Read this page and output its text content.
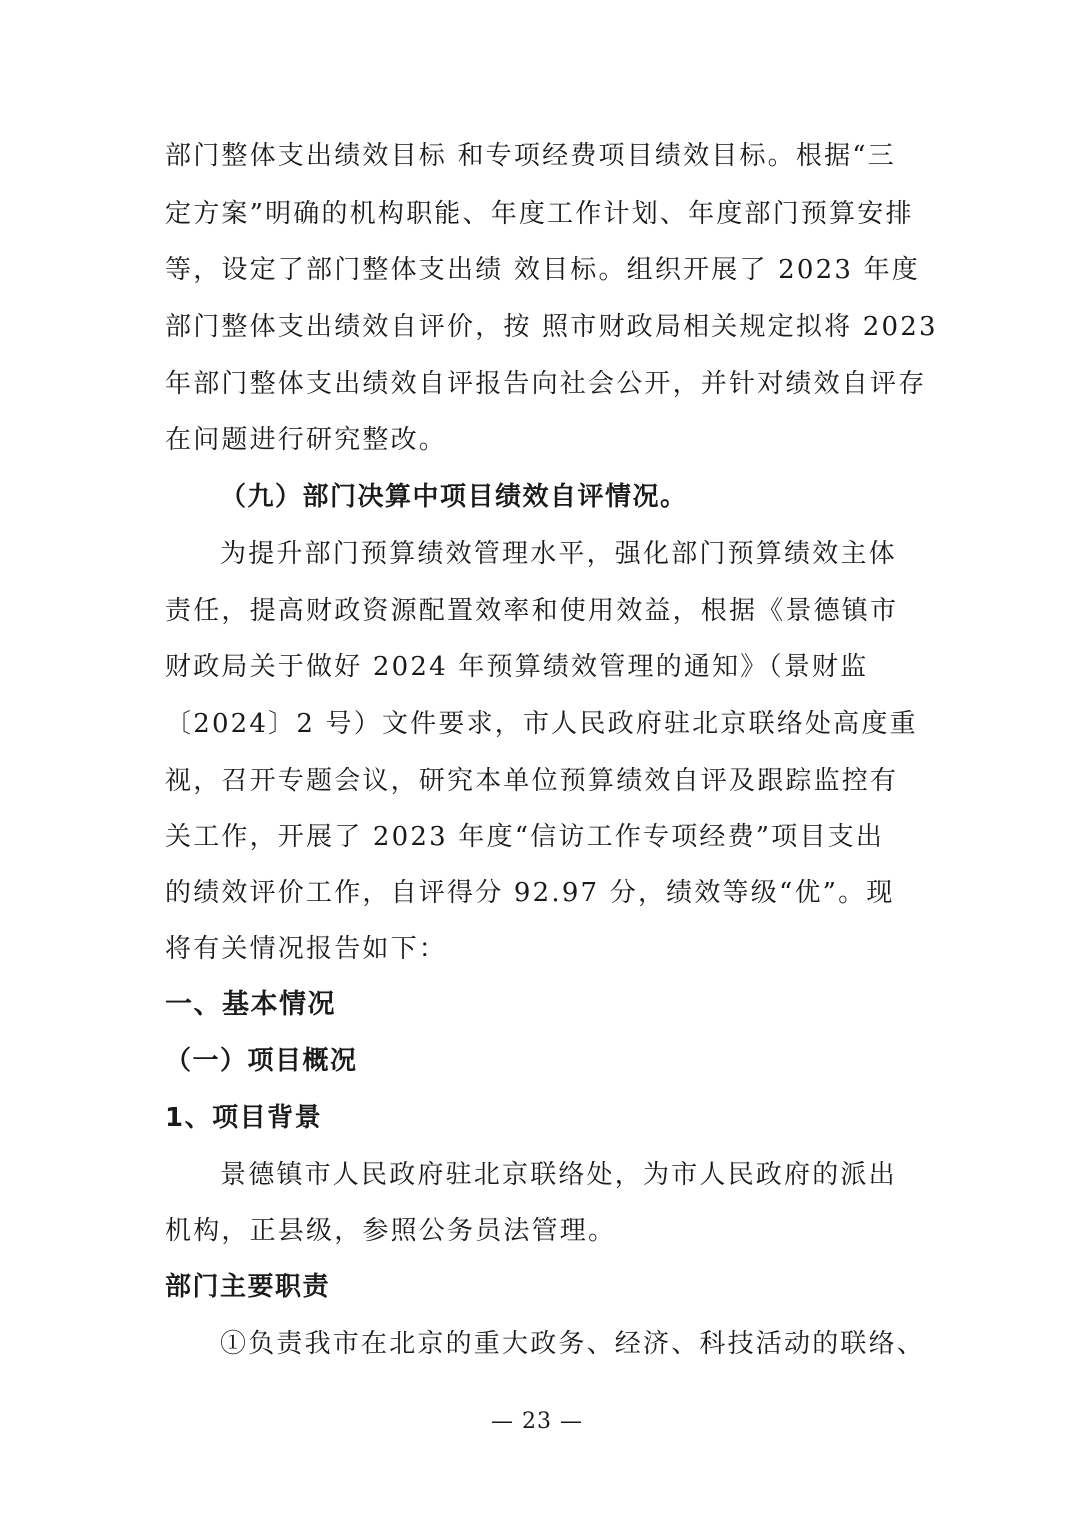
部门整体支出绩效目标 和专项经费项目绩效目标。根据“三
定方案”明确的机构职能、年度工作计划、年度部门预算安排
等，设定了部门整体支出绩 效目标。组织开展了 2023 年度
部门整体支出绩效自评价，按 照市财政局相关规定拟将 2023
年部门整体支出绩效自评报告向社会公开，并针对绩效自评存
在问题进行研究整改。
（九）部门决算中项目绩效自评情况。
为提升部门预算绩效管理水平，强化部门预算绩效主体
责任，提高财政资源配置效率和使用效益，根据《景德镇市
财政局关于做好 2024 年预算绩效管理的通知》（景财监
〔2024〕2 号）文件要求，市人民政府驻北京联络处高度重
视，召开专题会议，研究本单位预算绩效自评及跟踪监控有
关工作，开展了 2023 年度“信访工作专项经费”项目支出
的绩效评价工作，自评得分 92.97 分，绩效等级“优”。现
将有关情况报告如下：
一、基本情况
（一）项目概况
1、项目背景
景德镇市人民政府驻北京联络处，为市人民政府的派出
机构，正县级，参照公务员法管理。
部门主要职责
①负责我市在北京的重大政务、经济、科技活动的联络、
— 23 —
